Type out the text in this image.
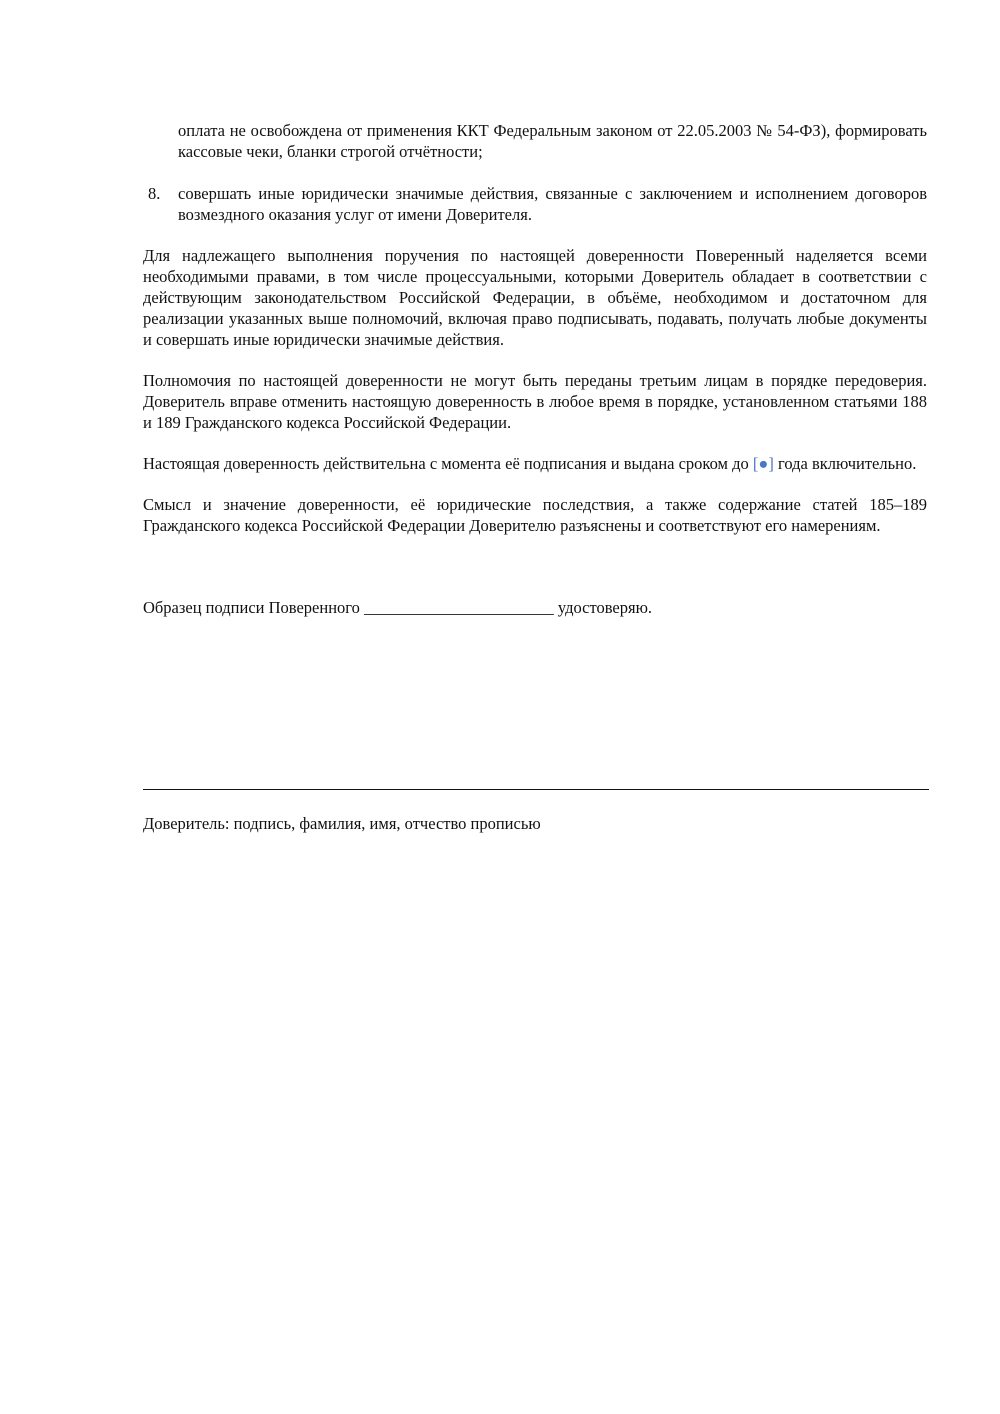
оплата не освобождена от применения ККТ Федеральным законом от 22.05.2003 № 54-ФЗ), формировать кассовые чеки, бланки строгой отчётности;
8. совершать иные юридически значимые действия, связанные с заключением и исполнением договоров возмездного оказания услуг от имени Доверителя.
Для надлежащего выполнения поручения по настоящей доверенности Поверенный наделяется всеми необходимыми правами, в том числе процессуальными, которыми Доверитель обладает в соответствии с действующим законодательством Российской Федерации, в объёме, необходимом и достаточном для реализации указанных выше полномочий, включая право подписывать, подавать, получать любые документы и совершать иные юридически значимые действия.
Полномочия по настоящей доверенности не могут быть переданы третьим лицам в порядке передоверия. Доверитель вправе отменить настоящую доверенность в любое время в порядке, установленном статьями 188 и 189 Гражданского кодекса Российской Федерации.
Настоящая доверенность действительна с момента её подписания и выдана сроком до [●] года включительно.
Смысл и значение доверенности, её юридические последствия, а также содержание статей 185–189 Гражданского кодекса Российской Федерации Доверителю разъяснены и соответствуют его намерениям.
Образец подписи Поверенного _______________________ удостоверяю.
Доверитель: подпись, фамилия, имя, отчество прописью
